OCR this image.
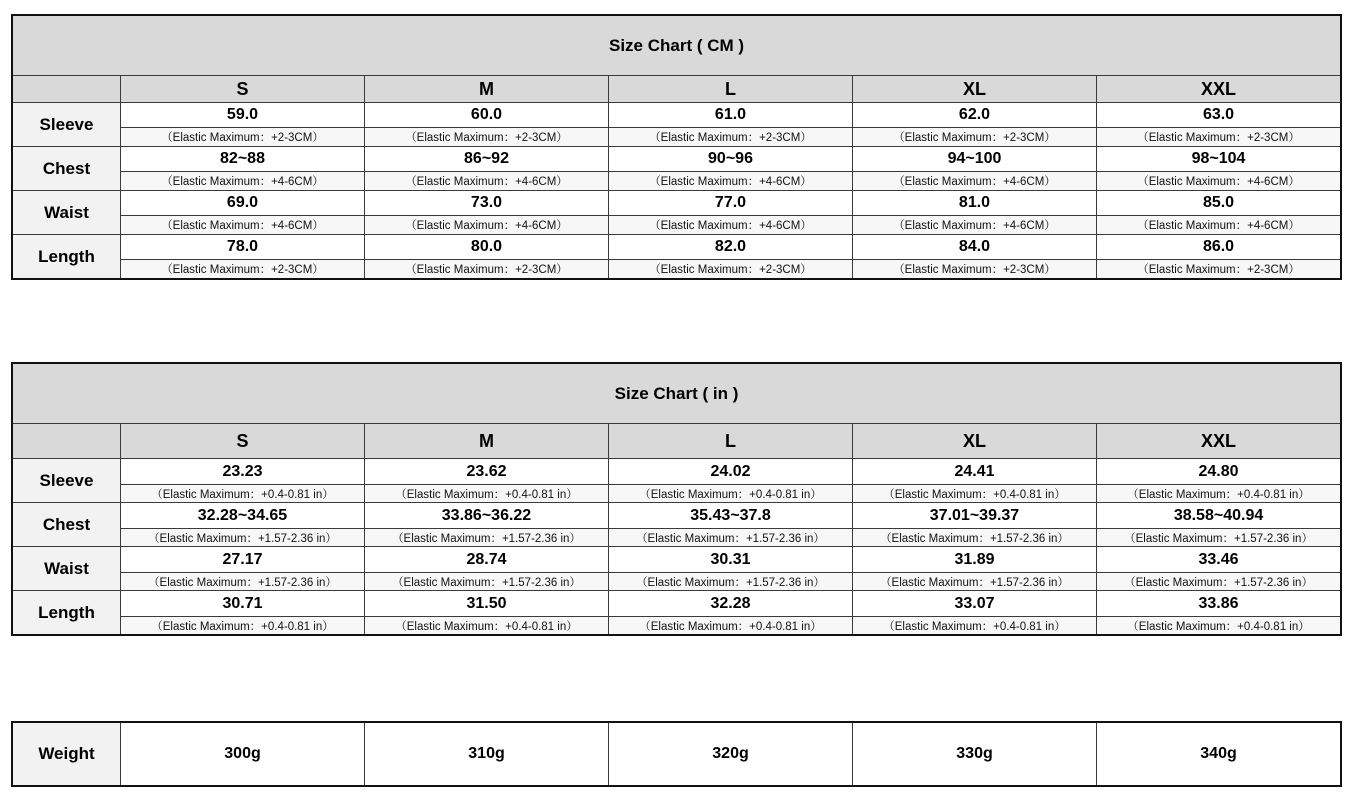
Size Chart ( CM )					
	S	M	L	XL	XXL
Sleeve	59.0	60.0	61.0	62.0	63.0
	（Elastic Maximum：+2-3CM）	（Elastic Maximum：+2-3CM）	（Elastic Maximum：+2-3CM）	（Elastic Maximum：+2-3CM）	（Elastic Maximum：+2-3CM）
Chest	82~88	86~92	90~96	94~100	98~104
	（Elastic Maximum：+4-6CM）	（Elastic Maximum：+4-6CM）	（Elastic Maximum：+4-6CM）	（Elastic Maximum：+4-6CM）	（Elastic Maximum：+4-6CM）
Waist	69.0	73.0	77.0	81.0	85.0
	（Elastic Maximum：+4-6CM）	（Elastic Maximum：+4-6CM）	（Elastic Maximum：+4-6CM）	（Elastic Maximum：+4-6CM）	（Elastic Maximum：+4-6CM）
Length	78.0	80.0	82.0	84.0	86.0
	（Elastic Maximum：+2-3CM）	（Elastic Maximum：+2-3CM）	（Elastic Maximum：+2-3CM）	（Elastic Maximum：+2-3CM）	（Elastic Maximum：+2-3CM）
Size Chart ( in )					
	S	M	L	XL	XXL
Sleeve	23.23	23.62	24.02	24.41	24.80
	（Elastic Maximum：+0.4-0.81 in）	（Elastic Maximum：+0.4-0.81 in）	（Elastic Maximum：+0.4-0.81 in）	（Elastic Maximum：+0.4-0.81 in）	（Elastic Maximum：+0.4-0.81 in）
Chest	32.28~34.65	33.86~36.22	35.43~37.8	37.01~39.37	38.58~40.94
	（Elastic Maximum：+1.57-2.36 in）	（Elastic Maximum：+1.57-2.36 in）	（Elastic Maximum：+1.57-2.36 in）	（Elastic Maximum：+1.57-2.36 in）	（Elastic Maximum：+1.57-2.36 in）
Waist	27.17	28.74	30.31	31.89	33.46
	（Elastic Maximum：+1.57-2.36 in）	（Elastic Maximum：+1.57-2.36 in）	（Elastic Maximum：+1.57-2.36 in）	（Elastic Maximum：+1.57-2.36 in）	（Elastic Maximum：+1.57-2.36 in）
Length	30.71	31.50	32.28	33.07	33.86
	（Elastic Maximum：+0.4-0.81 in）	（Elastic Maximum：+0.4-0.81 in）	（Elastic Maximum：+0.4-0.81 in）	（Elastic Maximum：+0.4-0.81 in）	（Elastic Maximum：+0.4-0.81 in）
Weight	300g	310g	320g	330g	340g
